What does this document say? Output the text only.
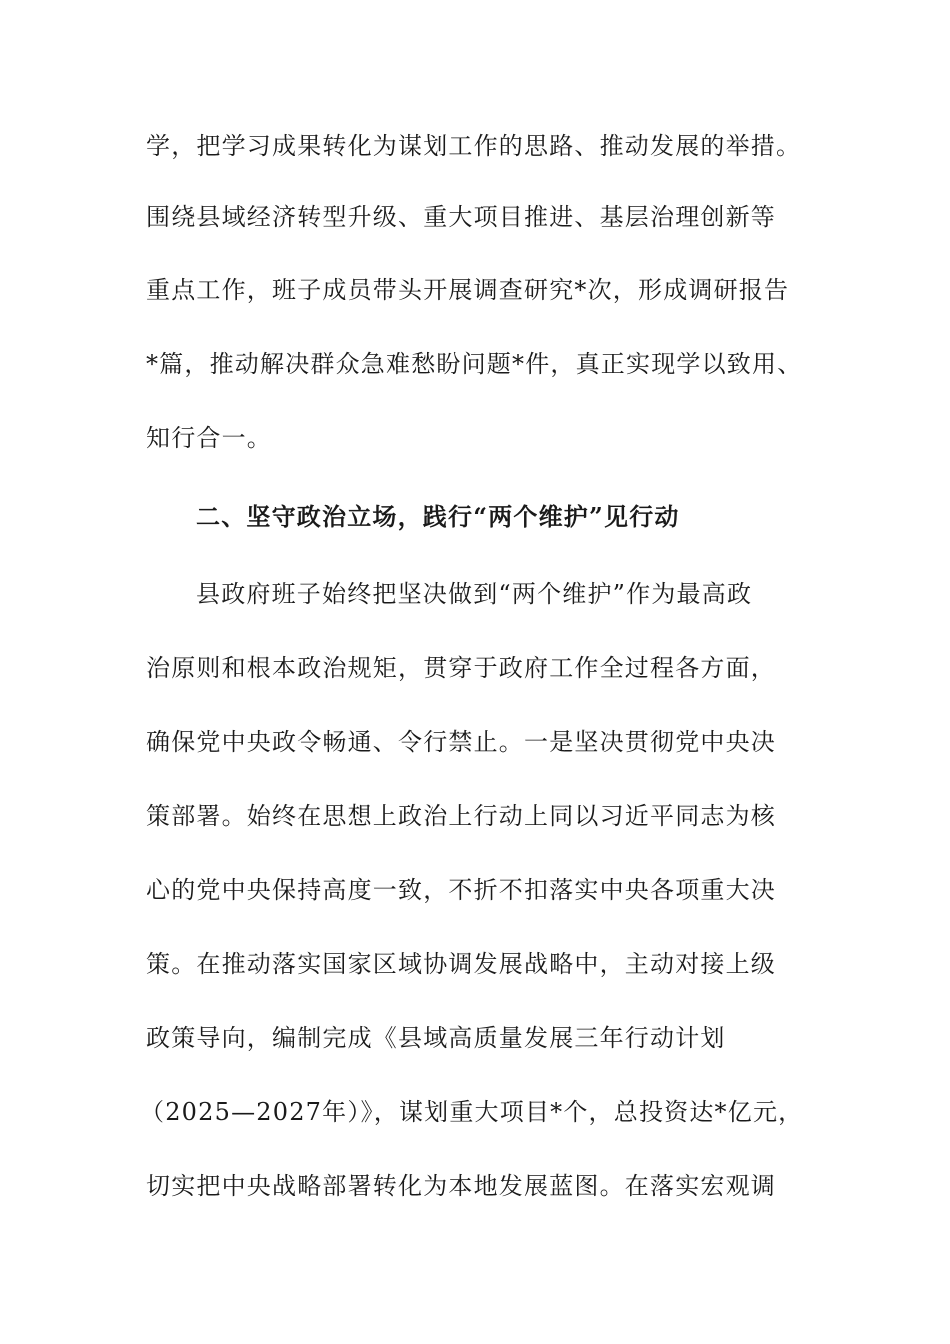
学，把学习成果转化为谋划工作的思路、推动发展的举措。
围绕县域经济转型升级、重大项目推进、基层治理创新等
重点工作，班子成员带头开展调查研究*次，形成调研报告
*篇，推动解决群众急难愁盼问题*件，真正实现学以致用、
知行合一。
二、坚守政治立场，践行“两个维护”见行动
县政府班子始终把坚决做到“两个维护”作为最高政
治原则和根本政治规矩，贯穿于政府工作全过程各方面，
确保党中央政令畅通、令行禁止。一是坚决贯彻党中央决
策部署。始终在思想上政治上行动上同以习近平同志为核
心的党中央保持高度一致，不折不扣落实中央各项重大决
策。在推动落实国家区域协调发展战略中，主动对接上级
政策导向，编制完成《县域高质量发展三年行动计划
（2025—2027年）》，谋划重大项目*个，总投资达*亿元，
切实把中央战略部署转化为本地发展蓝图。在落实宏观调
